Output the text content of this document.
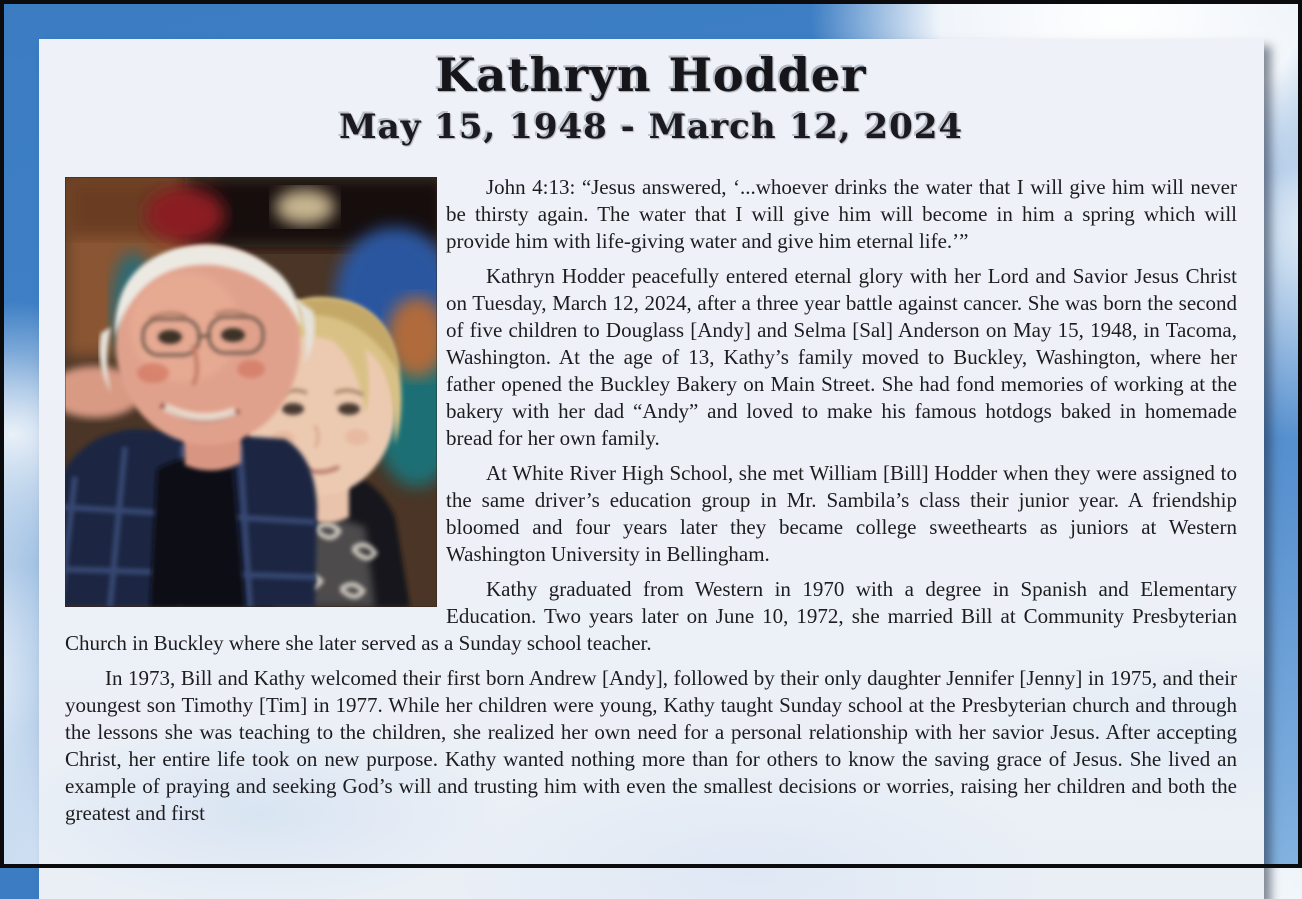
Kathryn Hodder
May 15, 1948 - March 12, 2024

John 4:13: “Jesus answered, ‘...whoever drinks the water that I will give him will never be thirsty again. The water that I will give him will become in him a spring which will provide him with life-giving water and give him eternal life.’”

Kathryn Hodder peacefully entered eternal glory with her Lord and Savior Jesus Christ on Tuesday, March 12, 2024, after a three year battle against cancer. She was born the second of five children to Douglass [Andy] and Selma [Sal] Anderson on May 15, 1948, in Tacoma, Washington. At the age of 13, Kathy’s family moved to Buckley, Washington, where her father opened the Buckley Bakery on Main Street. She had fond memories of working at the bakery with her dad “Andy” and loved to make his famous hotdogs baked in homemade bread for her own family.

At White River High School, she met William [Bill] Hodder when they were assigned to the same driver’s education group in Mr. Sambila’s class their junior year. A friendship bloomed and four years later they became college sweethearts as juniors at Western Washington University in Bellingham.

Kathy graduated from Western in 1970 with a degree in Spanish and Elementary Education. Two years later on June 10, 1972, she married Bill at Community Presbyterian Church in Buckley where she later served as a Sunday school teacher.

In 1973, Bill and Kathy welcomed their first born Andrew [Andy], followed by their only daughter Jennifer [Jenny] in 1975, and their youngest son Timothy [Tim] in 1977. While her children were young, Kathy taught Sunday school at the Presbyterian church and through the lessons she was teaching to the children, she realized her own need for a personal relationship with her savior Jesus. After accepting Christ, her entire life took on new purpose. Kathy wanted nothing more than for others to know the saving grace of Jesus. She lived an example of praying and seeking God’s will and trusting him with even the smallest decisions or worries, raising her children and both the greatest and first
